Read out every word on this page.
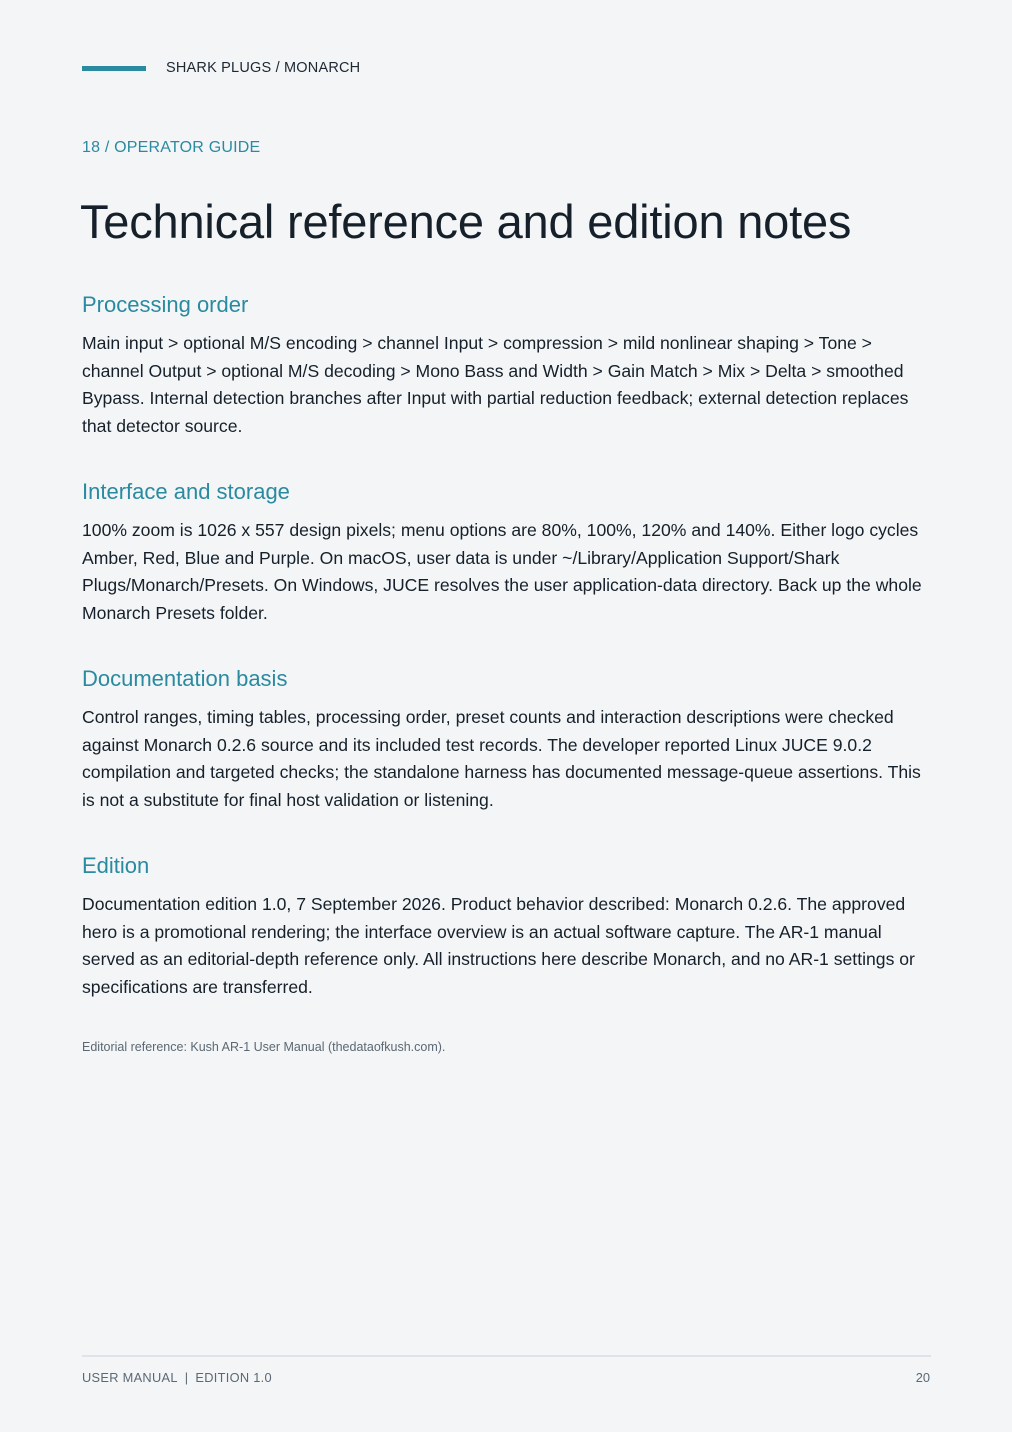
SHARK PLUGS / MONARCH
18 / OPERATOR GUIDE
Technical reference and edition notes
Processing order

Main input > optional M/S encoding > channel Input > compression > mild nonlinear shaping > Tone > channel Output > optional M/S decoding > Mono Bass and Width > Gain Match > Mix > Delta > smoothed Bypass. Internal detection branches after Input with partial reduction feedback; external detection replaces that detector source.

Interface and storage

100% zoom is 1026 x 557 design pixels; menu options are 80%, 100%, 120% and 140%. Either logo cycles Amber, Red, Blue and Purple. On macOS, user data is under ~/Library/Application Support/Shark Plugs/Monarch/Presets. On Windows, JUCE resolves the user application-data directory. Back up the whole Monarch Presets folder.

Documentation basis

Control ranges, timing tables, processing order, preset counts and interaction descriptions were checked against Monarch 0.2.6 source and its included test records. The developer reported Linux JUCE 9.0.2 compilation and targeted checks; the standalone harness has documented message-queue assertions. This is not a substitute for final host validation or listening.

Edition

Documentation edition 1.0, 7 September 2026. Product behavior described: Monarch 0.2.6. The approved hero is a promotional rendering; the interface overview is an actual software capture. The AR-1 manual served as an editorial-depth reference only. All instructions here describe Monarch, and no AR-1 settings or specifications are transferred.

Editorial reference: Kush AR-1 User Manual (thedataofkush.com).
USER MANUAL | EDITION 1.0	20
